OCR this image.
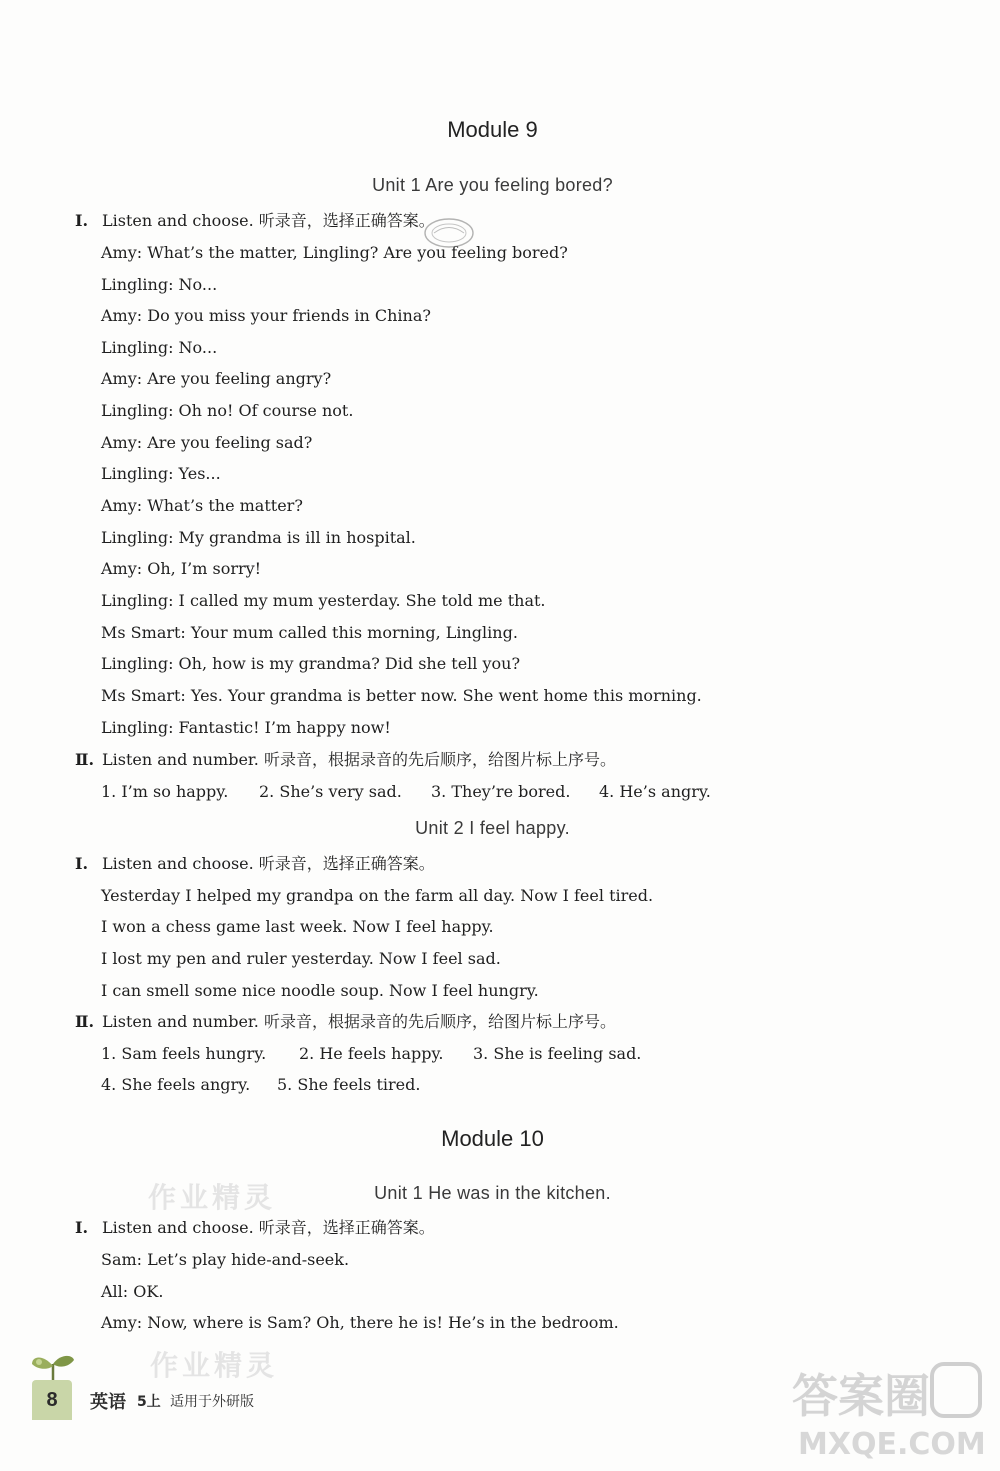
Module 9
Unit 1 Are you feeling bored?
Ⅰ. Listen and choose. 听录音，选择正确答案。
Amy: What’s the matter, Lingling? Are you feeling bored?
Lingling: No...
Amy: Do you miss your friends in China?
Lingling: No...
Amy: Are you feeling angry?
Lingling: Oh no! Of course not.
Amy: Are you feeling sad?
Lingling: Yes...
Amy: What’s the matter?
Lingling: My grandma is ill in hospital.
Amy: Oh, I’m sorry!
Lingling: I called my mum yesterday. She told me that.
Ms Smart: Your mum called this morning, Lingling.
Lingling: Oh, how is my grandma? Did she tell you?
Ms Smart: Yes. Your grandma is better now. She went home this morning.
Lingling: Fantastic! I’m happy now!
Ⅱ. Listen and number. 听录音，根据录音的先后顺序，给图片标上序号。
1. I’m so happy. 2. She’s very sad. 3. They’re bored. 4. He’s angry.
Unit 2 I feel happy.
Ⅰ. Listen and choose. 听录音，选择正确答案。
Yesterday I helped my grandpa on the farm all day. Now I feel tired.
I won a chess game last week. Now I feel happy.
I lost my pen and ruler yesterday. Now I feel sad.
I can smell some nice noodle soup. Now I feel hungry.
Ⅱ. Listen and number. 听录音，根据录音的先后顺序，给图片标上序号。
1. Sam feels hungry. 2. He feels happy. 3. She is feeling sad.
4. She feels angry. 5. She feels tired.
Module 10
Unit 1 He was in the kitchen.
Ⅰ. Listen and choose. 听录音，选择正确答案。
Sam: Let’s play hide-and-seek.
All: OK.
Amy: Now, where is Sam? Oh, there he is! He’s in the bedroom.
作业精灵
作业精灵
8	英语 5上 适用于外研版	答案圈
MXQE.COM
